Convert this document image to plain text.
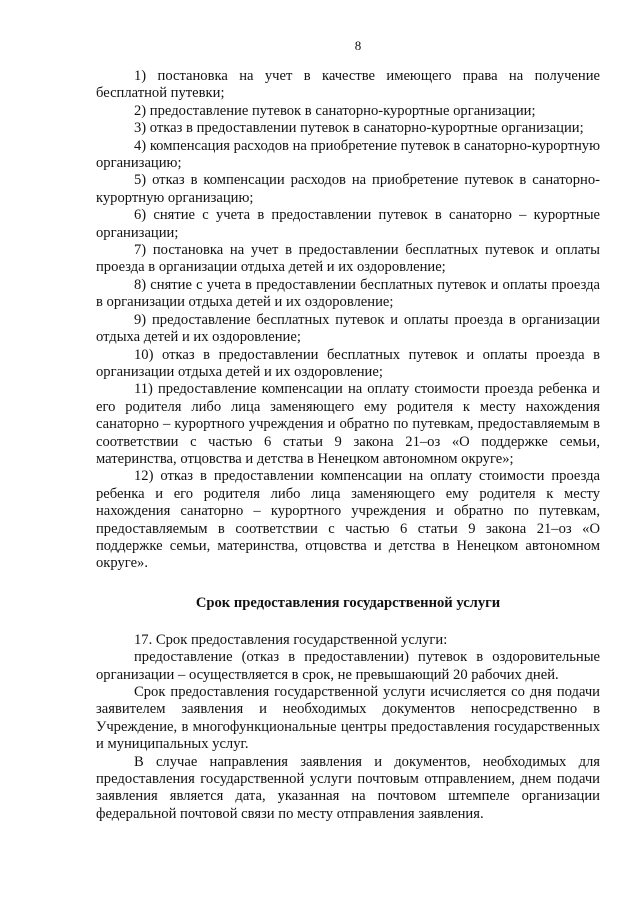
8

1) постановка на учет в качестве имеющего права на получение бесплатной путевки;

2) предоставление путевок в санаторно-курортные организации;

3) отказ в предоставлении путевок в санаторно-курортные организации;

4) компенсация расходов на приобретение путевок в санаторно-курортную организацию;

5) отказ в компенсации расходов на приобретение путевок в санаторно-курортную организацию;

6) снятие с учета в предоставлении путевок в санаторно – курортные организации;

7) постановка на учет в предоставлении бесплатных путевок и оплаты проезда в организации отдыха детей и их оздоровление;

8) снятие с учета в предоставлении бесплатных путевок и оплаты проезда в организации отдыха детей и их оздоровление;

9) предоставление бесплатных путевок и оплаты проезда в организации отдыха детей и их оздоровление;

10) отказ в предоставлении бесплатных путевок и оплаты проезда в организации отдыха детей и их оздоровление;

11) предоставление компенсации на оплату стоимости проезда ребенка и его родителя либо лица заменяющего ему родителя к месту нахождения санаторно – курортного учреждения и обратно по путевкам, предоставляемым в соответствии с частью 6 статьи 9 закона 21–оз «О поддержке семьи, материнства, отцовства и детства в Ненецком автономном округе»;

12) отказ в предоставлении компенсации на оплату стоимости проезда ребенка и его родителя либо лица заменяющего ему родителя к месту нахождения санаторно – курортного учреждения и обратно по путевкам, предоставляемым в соответствии с частью 6 статьи 9 закона 21–оз «О поддержке семьи, материнства, отцовства и детства в Ненецком автономном округе».

Срок предоставления государственной услуги

17. Срок предоставления государственной услуги:

предоставление (отказ в предоставлении) путевок в оздоровительные организации – осуществляется в срок, не превышающий 20 рабочих дней.

Срок предоставления государственной услуги исчисляется со дня подачи заявителем заявления и необходимых документов непосредственно в Учреждение, в многофункциональные центры предоставления государственных и муниципальных услуг.

В случае направления заявления и документов, необходимых для предоставления государственной услуги почтовым отправлением, днем подачи заявления является дата, указанная на почтовом штемпеле организации федеральной почтовой связи по месту отправления заявления.
